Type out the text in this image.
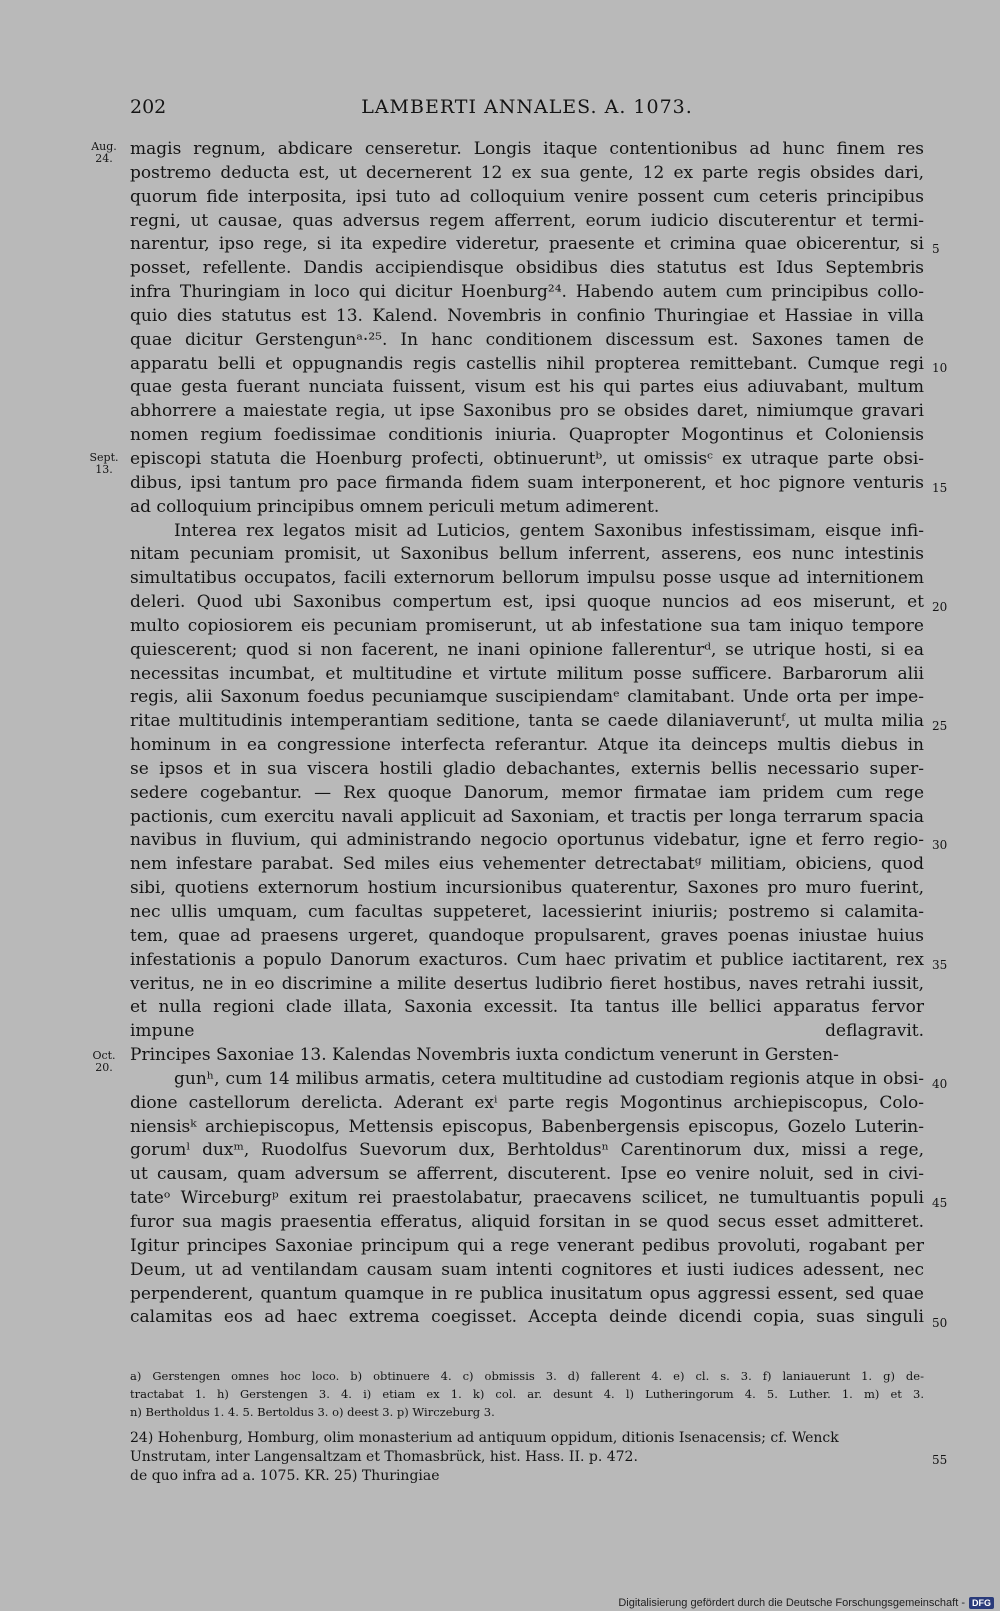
202	LAMBERTI ANNALES. A. 1073.
Aug.
24.
Sept.
13.
Oct.
20.
5
10
15
20
25
30
35
40
45
50
magis regnum, abdicare censeretur. Longis itaque contentionibus ad hunc finem res
postremo deducta est, ut decernerent 12 ex sua gente, 12 ex parte regis obsides dari,
quorum fide interposita, ipsi tuto ad colloquium venire possent cum ceteris principibus
regni, ut causae, quas adversus regem afferrent, eorum iudicio discuterentur et termi-
narentur, ipso rege, si ita expedire videretur, praesente et crimina quae obicerentur, si
posset, refellente. Dandis accipiendisque obsidibus dies statutus est Idus Septembris
infra Thuringiam in loco qui dicitur Hoenburg²⁴. Habendo autem cum principibus collo-
quio dies statutus est 13. Kalend. Novembris in confinio Thuringiae et Hassiae in villa
quae dicitur Gerstengunᵃ·²⁵. In hanc conditionem discessum est. Saxones tamen de
apparatu belli et oppugnandis regis castellis nihil propterea remittebant. Cumque regi
quae gesta fuerant nunciata fuissent, visum est his qui partes eius adiuvabant, multum
abhorrere a maiestate regia, ut ipse Saxonibus pro se obsides daret, nimiumque gravari
nomen regium foedissimae conditionis iniuria. Quapropter Mogontinus et Coloniensis
episcopi statuta die Hoenburg profecti, obtinueruntᵇ, ut omissisᶜ ex utraque parte obsi-
dibus, ipsi tantum pro pace firmanda fidem suam interponerent, et hoc pignore venturis
ad colloquium principibus omnem periculi metum adimerent.
Interea rex legatos misit ad Luticios, gentem Saxonibus infestissimam, eisque infi-
nitam pecuniam promisit, ut Saxonibus bellum inferrent, asserens, eos nunc intestinis
simultatibus occupatos, facili externorum bellorum impulsu posse usque ad internitionem
deleri. Quod ubi Saxonibus compertum est, ipsi quoque nuncios ad eos miserunt, et
multo copiosiorem eis pecuniam promiserunt, ut ab infestatione sua tam iniquo tempore
quiescerent; quod si non facerent, ne inani opinione fallerenturᵈ, se utrique hosti, si ea
necessitas incumbat, et multitudine et virtute militum posse sufficere. Barbarorum alii
regis, alii Saxonum foedus pecuniamque suscipiendamᵉ clamitabant. Unde orta per impe-
ritae multitudinis intemperantiam seditione, tanta se caede dilaniaveruntᶠ, ut multa milia
hominum in ea congressione interfecta referantur. Atque ita deinceps multis diebus in
se ipsos et in sua viscera hostili gladio debachantes, externis bellis necessario super-
sedere cogebantur. — Rex quoque Danorum, memor firmatae iam pridem cum rege
pactionis, cum exercitu navali applicuit ad Saxoniam, et tractis per longa terrarum spacia
navibus in fluvium, qui administrando negocio oportunus videbatur, igne et ferro regio-
nem infestare parabat. Sed miles eius vehementer detrectabatᵍ militiam, obiciens, quod
sibi, quotiens externorum hostium incursionibus quaterentur, Saxones pro muro fuerint,
nec ullis umquam, cum facultas suppeteret, lacessierint iniuriis; postremo si calamita-
tem, quae ad praesens urgeret, quandoque propulsarent, graves poenas iniustae huius
infestationis a populo Danorum exacturos. Cum haec privatim et publice iactitarent, rex
veritus, ne in eo discrimine a milite desertus ludibrio fieret hostibus, naves retrahi iussit,
et nulla regioni clade illata, Saxonia excessit. Ita tantus ille bellici apparatus fervor
impune deflagravit.
Principes Saxoniae 13. Kalendas Novembris iuxta condictum venerunt in Gersten-
gunʰ, cum 14 milibus armatis, cetera multitudine ad custodiam regionis atque in obsi-
dione castellorum derelicta. Aderant exⁱ parte regis Mogontinus archiepiscopus, Colo-
niensisᵏ archiepiscopus, Mettensis episcopus, Babenbergensis episcopus, Gozelo Luterin-
gorumˡ duxᵐ, Ruodolfus Suevorum dux, Berhtoldusⁿ Carentinorum dux, missi a rege,
ut causam, quam adversum se afferrent, discuterent. Ipse eo venire noluit, sed in civi-
tateᵒ Wirceburgᵖ exitum rei praestolabatur, praecavens scilicet, ne tumultuantis populi
furor sua magis praesentia efferatus, aliquid forsitan in se quod secus esset admitteret.
Igitur principes Saxoniae principum qui a rege venerant pedibus provoluti, rogabant per
Deum, ut ad ventilandam causam suam intenti cognitores et iusti iudices adessent, nec
perpenderent, quantum quamque in re publica inusitatum opus aggressi essent, sed quae
calamitas eos ad haec extrema coegisset. Accepta deinde dicendi copia, suas singuli
a) Gerstengen omnes hoc loco. b) obtinuere 4. c) obmissis 3. d) fallerent 4. e) cl. s. 3. f) laniauerunt 1. g) de-
tractabat 1. h) Gerstengen 3. 4. i) etiam ex 1. k) col. ar. desunt 4. l) Lutheringorum 4. 5. Luther. 1. m) et 3.
n) Bertholdus 1. 4. 5. Bertoldus 3. o) deest 3. p) Wirczeburg 3.
24) Hohenburg, Homburg, olim monasterium ad antiquum oppidum, ditionis Isenacensis; cf. Wenck
Unstrutam, inter Langensaltzam et Thomasbrück, hist. Hass. II. p. 472.
de quo infra ad a. 1075. KR. 25) Thuringiae
55
Digitalisierung gefördert durch die Deutsche Forschungsgemeinschaft - DFG
